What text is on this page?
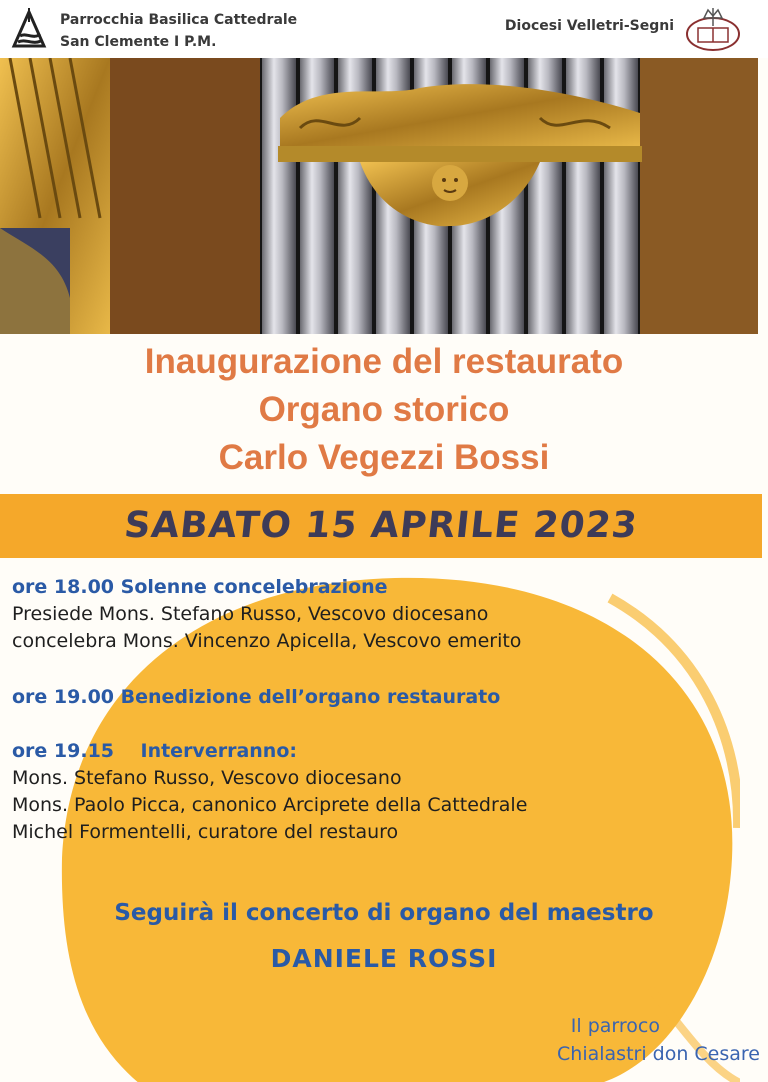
Parrocchia Basilica Cattedrale
San Clemente I P.M.
Diocesi Velletri-Segni
Inaugurazione del restaurato
Organo storico
Carlo Vegezzi Bossi
SABATO 15 APRILE 2023
ore 18.00 Solenne concelebrazione
Presiede Mons. Stefano Russo, Vescovo diocesano
concelebra Mons. Vincenzo Apicella, Vescovo emerito
ore 19.00 Benedizione dell’organo restaurato
ore 19.15 Interverranno:
Mons. Stefano Russo, Vescovo diocesano
Mons. Paolo Picca, canonico Arciprete della Cattedrale
Michel Formentelli, curatore del restauro
Seguirà il concerto di organo del maestro
DANIELE ROSSI
Il parroco
Chialastri don Cesare
